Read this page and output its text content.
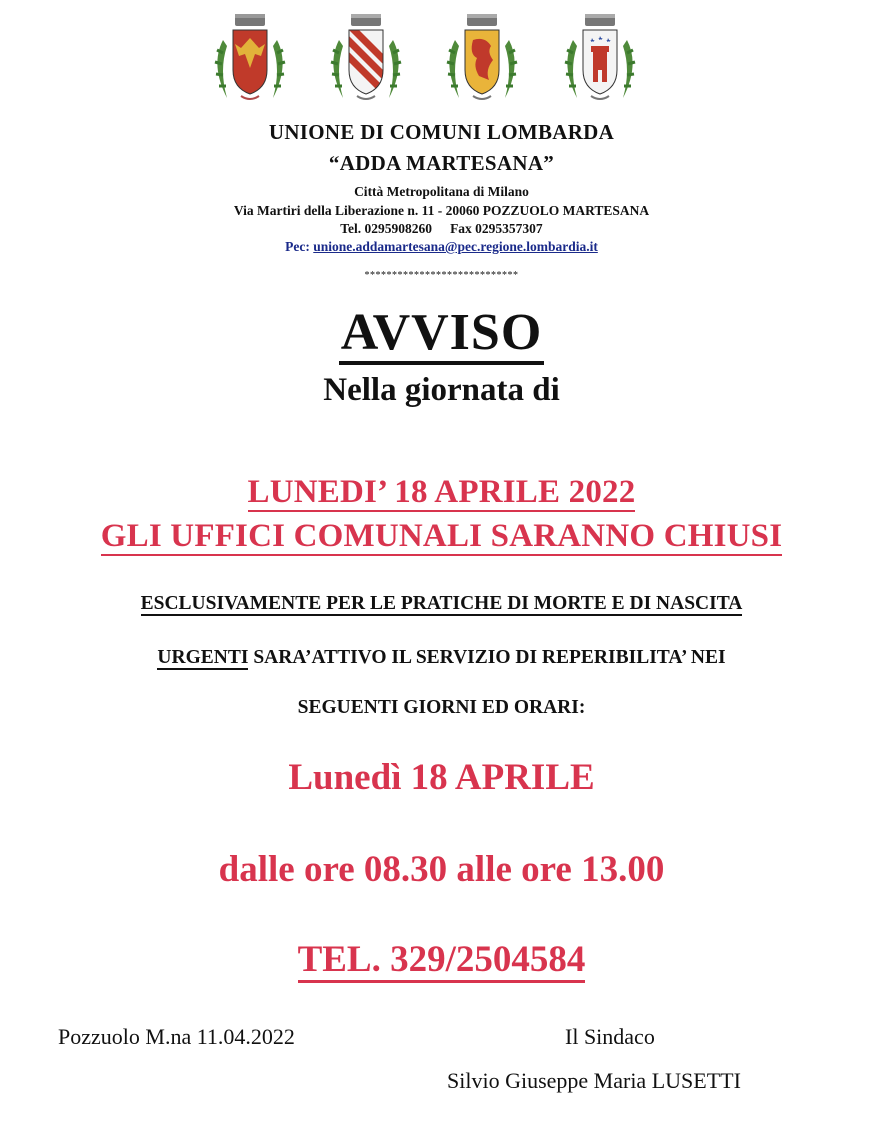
UNIONE DI COMUNI LOMBARDA
“ADDA MARTESANA”
Città Metropolitana di Milano
Via Martiri della Liberazione n. 11 - 20060 POZZUOLO MARTESANA
Tel. 0295908260 Fax 0295357307
Pec: unione.addamartesana@pec.regione.lombardia.it
****************************
AVVISO
Nella giornata di
LUNEDI’ 18 APRILE 2022
GLI UFFICI COMUNALI SARANNO CHIUSI
ESCLUSIVAMENTE PER LE PRATICHE DI MORTE E DI NASCITA
URGENTI SARA’ATTIVO IL SERVIZIO DI REPERIBILITA’ NEI
SEGUENTI GIORNI ED ORARI:
Lunedì 18 APRILE
dalle ore 08.30 alle ore 13.00
TEL. 329/2504584
Pozzuolo M.na 11.04.2022	Il Sindaco
Silvio Giuseppe Maria LUSETTI
